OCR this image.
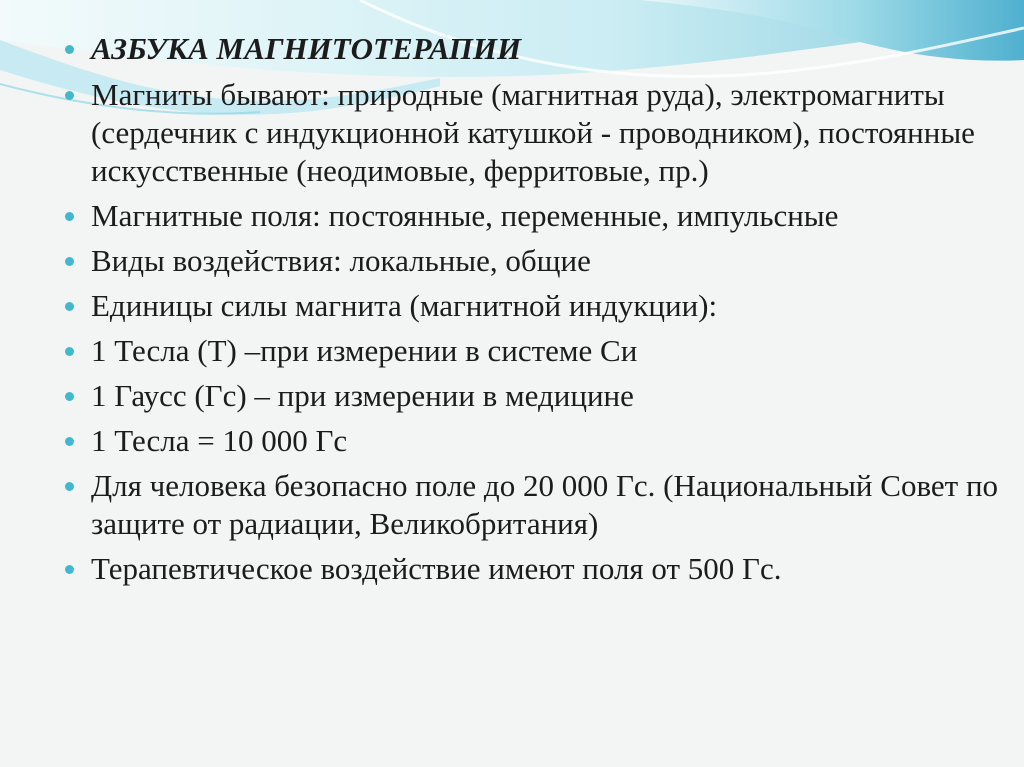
АЗБУКА МАГНИТОТЕРАПИИ
Магниты бывают: природные (магнитная руда), электромагниты (сердечник с индукционной катушкой - проводником), постоянные искусственные (неодимовые, ферритовые, пр.)
Магнитные поля: постоянные, переменные, импульсные
Виды воздействия: локальные, общие
Единицы силы магнита (магнитной индукции):
1 Тесла (Т) –при измерении в системе Си
1 Гаусс (Гс) – при измерении в медицине
1 Тесла = 10 000 Гс
Для человека безопасно поле до 20 000 Гс. (Национальный Совет по защите от радиации, Великобритания)
Терапевтическое воздействие имеют поля от 500 Гс.
